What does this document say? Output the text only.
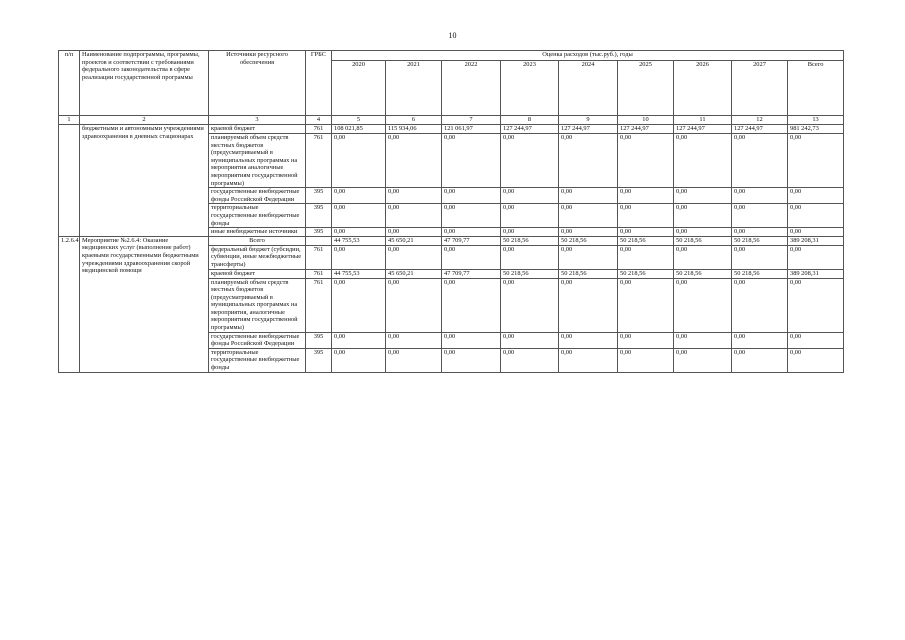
10
п/п	Наименование подпрограммы, программы, проектов и соответствии с требованиями федерального законодательства в сфере реализации государственной программы	Источники ресурсного обеспечения	ГРБС	Оценка расходов (тыс.руб.), годы								
				2020	2021	2022	2023	2024	2025	2026	2027	Всего
1	2	3	4	5	6	7	8	9	10	11	12	13
	бюджетными и автономными учреждениями здравоохранения в дневных стационарах	краевой бюджет	761	108 021,85	115 934,06	121 061,97	127 244,97	127 244,97	127 244,97	127 244,97	127 244,97	981 242,73
		планируемый объем средств местных бюджетов (предусматриваемый в муниципальных программах на мероприятия аналогичные мероприятиям государственной программы)	761	0,00	0,00	0,00	0,00	0,00	0,00	0,00	0,00	0,00
		государственные внебюджетные фонды Российской Федерации	395	0,00	0,00	0,00	0,00	0,00	0,00	0,00	0,00	0,00
		территориальные государственные внебюджетные фонды	395	0,00	0,00	0,00	0,00	0,00	0,00	0,00	0,00	0,00
		иные внебюджетные источники	395	0,00	0,00	0,00	0,00	0,00	0,00	0,00	0,00	0,00
1.2.6.4	Мероприятие №2.6.4: Оказание медицинских услуг (выполнение работ) краевыми государственными бюджетными учреждениями здравоохранения скорой медицинской помощи	Всего		44 755,53	45 650,21	47 709,77	50 218,56	50 218,56	50 218,56	50 218,56	50 218,56	389 208,31
		федеральный бюджет (субсидии, субвенции, иные межбюджетные трансферты)	761	0,00	0,00	0,00	0,00	0,00	0,00	0,00	0,00	0,00
		краевой бюджет	761	44 755,53	45 650,21	47 709,77	50 218,56	50 218,56	50 218,56	50 218,56	50 218,56	389 208,31
		планируемый объем средств местных бюджетов (предусматриваемый в муниципальных программах на мероприятия, аналогичные мероприятиям государственной программы)	761	0,00	0,00	0,00	0,00	0,00	0,00	0,00	0,00	0,00
		государственные внебюджетные фонды Российской Федерации	395	0,00	0,00	0,00	0,00	0,00	0,00	0,00	0,00	0,00
		территориальные государственные внебюджетные фонды	395	0,00	0,00	0,00	0,00	0,00	0,00	0,00	0,00	0,00
